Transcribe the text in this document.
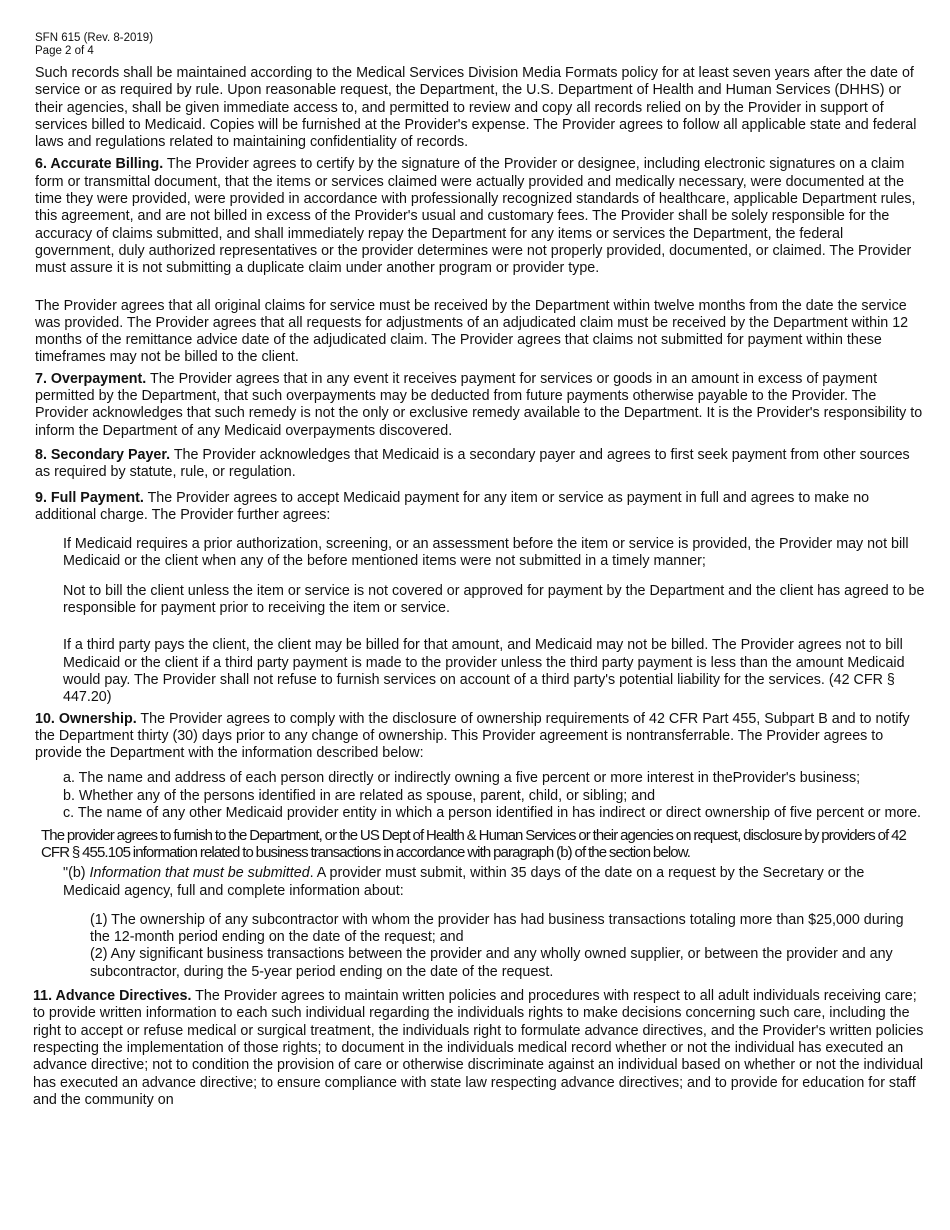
SFN 615 (Rev. 8-2019)
Page 2 of 4

Such records shall be maintained according to the Medical Services Division Media Formats policy for at least seven years after the date of service or as required by rule. Upon reasonable request, the Department, the U.S. Department of Health and Human Services (DHHS) or their agencies, shall be given immediate access to, and permitted to review and copy all records relied on by the Provider in support of services billed to Medicaid. Copies will be furnished at the Provider's expense. The Provider agrees to follow all applicable state and federal laws and regulations related to maintaining confidentiality of records.

6. Accurate Billing. The Provider agrees to certify by the signature of the Provider or designee, including electronic signatures on a claim form or transmittal document, that the items or services claimed were actually provided and medically necessary, were documented at the time they were provided, were provided in accordance with professionally recognized standards of healthcare, applicable Department rules, this agreement, and are not billed in excess of the Provider's usual and customary fees. The Provider shall be solely responsible for the accuracy of claims submitted, and shall immediately repay the Department for any items or services the Department, the federal government, duly authorized representatives or the provider determines were not properly provided, documented, or claimed. The Provider must assure it is not submitting a duplicate claim under another program or provider type.

The Provider agrees that all original claims for service must be received by the Department within twelve months from the date the service was provided. The Provider agrees that all requests for adjustments of an adjudicated claim must be received by the Department within 12 months of the remittance advice date of the adjudicated claim. The Provider agrees that claims not submitted for payment within these timeframes may not be billed to the client.

7. Overpayment. The Provider agrees that in any event it receives payment for services or goods in an amount in excess of payment permitted by the Department, that such overpayments may be deducted from future payments otherwise payable to the Provider. The Provider acknowledges that such remedy is not the only or exclusive remedy available to the Department. It is the Provider's responsibility to inform the Department of any Medicaid overpayments discovered.

8. Secondary Payer. The Provider acknowledges that Medicaid is a secondary payer and agrees to first seek payment from other sources as required by statute, rule, or regulation.

9. Full Payment. The Provider agrees to accept Medicaid payment for any item or service as payment in full and agrees to make no additional charge. The Provider further agrees:

If Medicaid requires a prior authorization, screening, or an assessment before the item or service is provided, the Provider may not bill Medicaid or the client when any of the before mentioned items were not submitted in a timely manner;

Not to bill the client unless the item or service is not covered or approved for payment by the Department and the client has agreed to be responsible for payment prior to receiving the item or service.

If a third party pays the client, the client may be billed for that amount, and Medicaid may not be billed. The Provider agrees not to bill Medicaid or the client if a third party payment is made to the provider unless the third party payment is less than the amount Medicaid would pay. The Provider shall not refuse to furnish services on account of a third party's potential liability for the services. (42 CFR § 447.20)

10. Ownership. The Provider agrees to comply with the disclosure of ownership requirements of 42 CFR Part 455, Subpart B and to notify the Department thirty (30) days prior to any change of ownership. This Provider agreement is nontransferrable. The Provider agrees to provide the Department with the information described below:

a. The name and address of each person directly or indirectly owning a five percent or more interest in theProvider's business;

b. Whether any of the persons identified in are related as spouse, parent, child, or sibling; and

c. The name of any other Medicaid provider entity in which a person identified in has indirect or direct ownership of five percent or more.

The provider agrees to furnish to the Department, or the US Dept of Health & Human Services or their agencies on request, disclosure by providers of 42 CFR § 455.105 information related to business transactions in accordance with paragraph (b) of the section below.

"(b) Information that must be submitted. A provider must submit, within 35 days of the date on a request by the Secretary or the Medicaid agency, full and complete information about:

(1) The ownership of any subcontractor with whom the provider has had business transactions totaling more than $25,000 during the 12-month period ending on the date of the request; and

(2) Any significant business transactions between the provider and any wholly owned supplier, or between the provider and any subcontractor, during the 5-year period ending on the date of the request.

11. Advance Directives. The Provider agrees to maintain written policies and procedures with respect to all adult individuals receiving care; to provide written information to each such individual regarding the individuals rights to make decisions concerning such care, including the right to accept or refuse medical or surgical treatment, the individuals right to formulate advance directives, and the Provider's written policies respecting the implementation of those rights; to document in the individuals medical record whether or not the individual has executed an advance directive; not to condition the provision of care or otherwise discriminate against an individual based on whether or not the individual has executed an advance directive; to ensure compliance with state law respecting advance directives; and to provide for education for staff and the community on
